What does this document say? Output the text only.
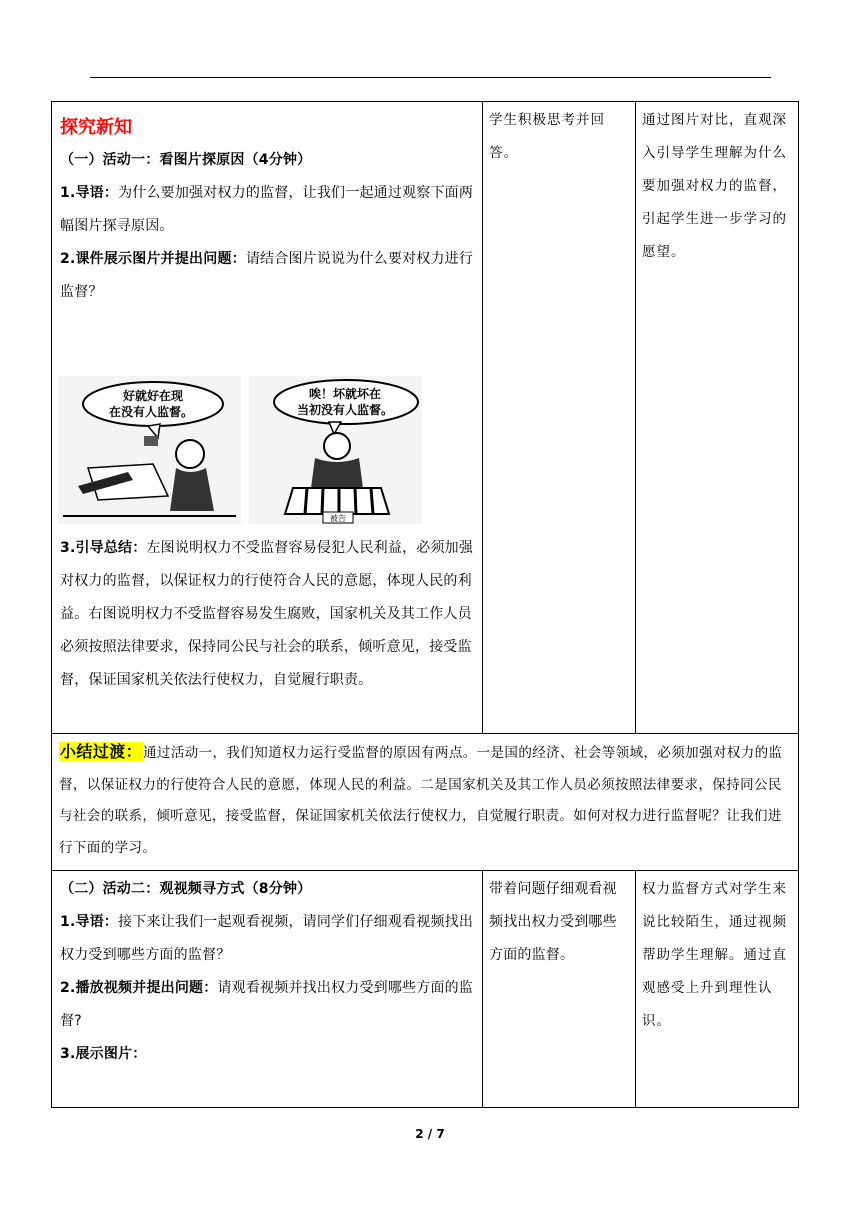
探究新知
（一）活动一：看图片探原因（4分钟）
1.导语：为什么要加强对权力的监督，让我们一起通过观察下面两幅图片探寻原因。
2.课件展示图片并提出问题：请结合图片说说为什么要对权力进行监督？
好就好在现
在没有人监督。
唉！坏就坏在
当初没有人监督。
被告
3.引导总结：左图说明权力不受监督容易侵犯人民利益，必须加强对权力的监督，以保证权力的行使符合人民的意愿，体现人民的利益。右图说明权力不受监督容易发生腐败，国家机关及其工作人员必须按照法律要求，保持同公民与社会的联系，倾听意见，接受监督，保证国家机关依法行使权力，自觉履行职责。
学生积极思考并回答。
通过图片对比，直观深入引导学生理解为什么要加强对权力的监督，引起学生进一步学习的愿望。
小结过渡：通过活动一，我们知道权力运行受监督的原因有两点。一是国的经济、社会等领域，必须加强对权力的监督，以保证权力的行使符合人民的意愿，体现人民的利益。二是国家机关及其工作人员必须按照法律要求，保持同公民与社会的联系，倾听意见，接受监督，保证国家机关依法行使权力，自觉履行职责。如何对权力进行监督呢？让我们进行下面的学习。
（二）活动二：观视频寻方式（8分钟）
1.导语：接下来让我们一起观看视频，请同学们仔细观看视频找出权力受到哪些方面的监督？
2.播放视频并提出问题：请观看视频并找出权力受到哪些方面的监督?
3.展示图片：
带着问题仔细观看视频找出权力受到哪些方面的监督。
权力监督方式对学生来说比较陌生，通过视频帮助学生理解。通过直观感受上升到理性认识。
2 / 7
